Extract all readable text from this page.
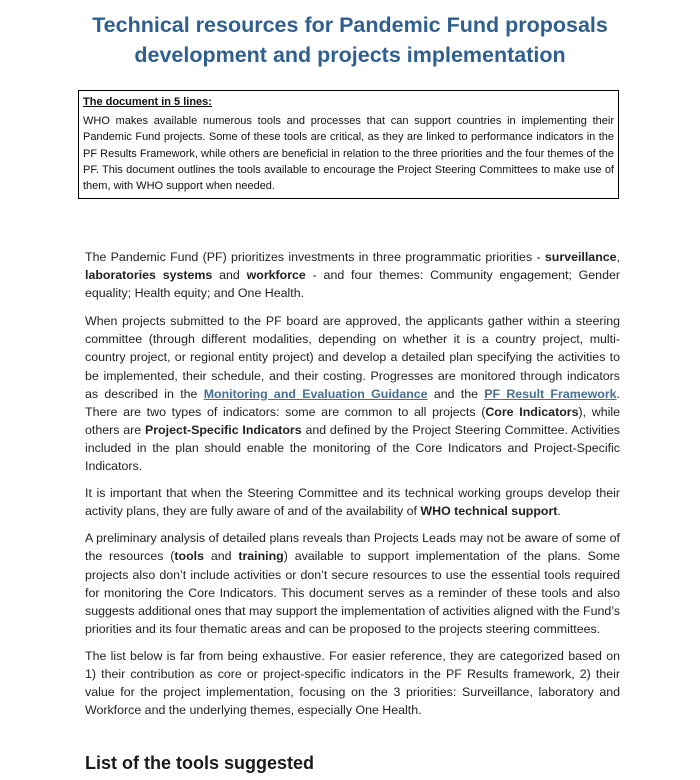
Technical resources for Pandemic Fund proposals
development and projects implementation
The document in 5 lines:

WHO makes available numerous tools and processes that can support countries in implementing their Pandemic Fund projects. Some of these tools are critical, as they are linked to performance indicators in the PF Results Framework, while others are beneficial in relation to the three priorities and the four themes of the PF. This document outlines the tools available to encourage the Project Steering Committees to make use of them, with WHO support when needed.

The Pandemic Fund (PF) prioritizes investments in three programmatic priorities - surveillance, laboratories systems and workforce - and four themes: Community engagement; Gender equality; Health equity; and One Health.

When projects submitted to the PF board are approved, the applicants gather within a steering committee (through different modalities, depending on whether it is a country project, multi-country project, or regional entity project) and develop a detailed plan specifying the activities to be implemented, their schedule, and their costing. Progresses are monitored through indicators as described in the Monitoring and Evaluation Guidance and the PF Result Framework. There are two types of indicators: some are common to all projects (Core Indicators), while others are Project-Specific Indicators and defined by the Project Steering Committee. Activities included in the plan should enable the monitoring of the Core Indicators and Project-Specific Indicators.

It is important that when the Steering Committee and its technical working groups develop their activity plans, they are fully aware of and of the availability of WHO technical support.

A preliminary analysis of detailed plans reveals than Projects Leads may not be aware of some of the resources (tools and training) available to support implementation of the plans. Some projects also don’t include activities or don’t secure resources to use the essential tools required for monitoring the Core Indicators. This document serves as a reminder of these tools and also suggests additional ones that may support the implementation of activities aligned with the Fund’s priorities and its four thematic areas and can be proposed to the projects steering committees.

The list below is far from being exhaustive. For easier reference, they are categorized based on 1) their contribution as core or project-specific indicators in the PF Results framework, 2) their value for the project implementation, focusing on the 3 priorities: Surveillance, laboratory and Workforce and the underlying themes, especially One Health.

List of the tools suggested
